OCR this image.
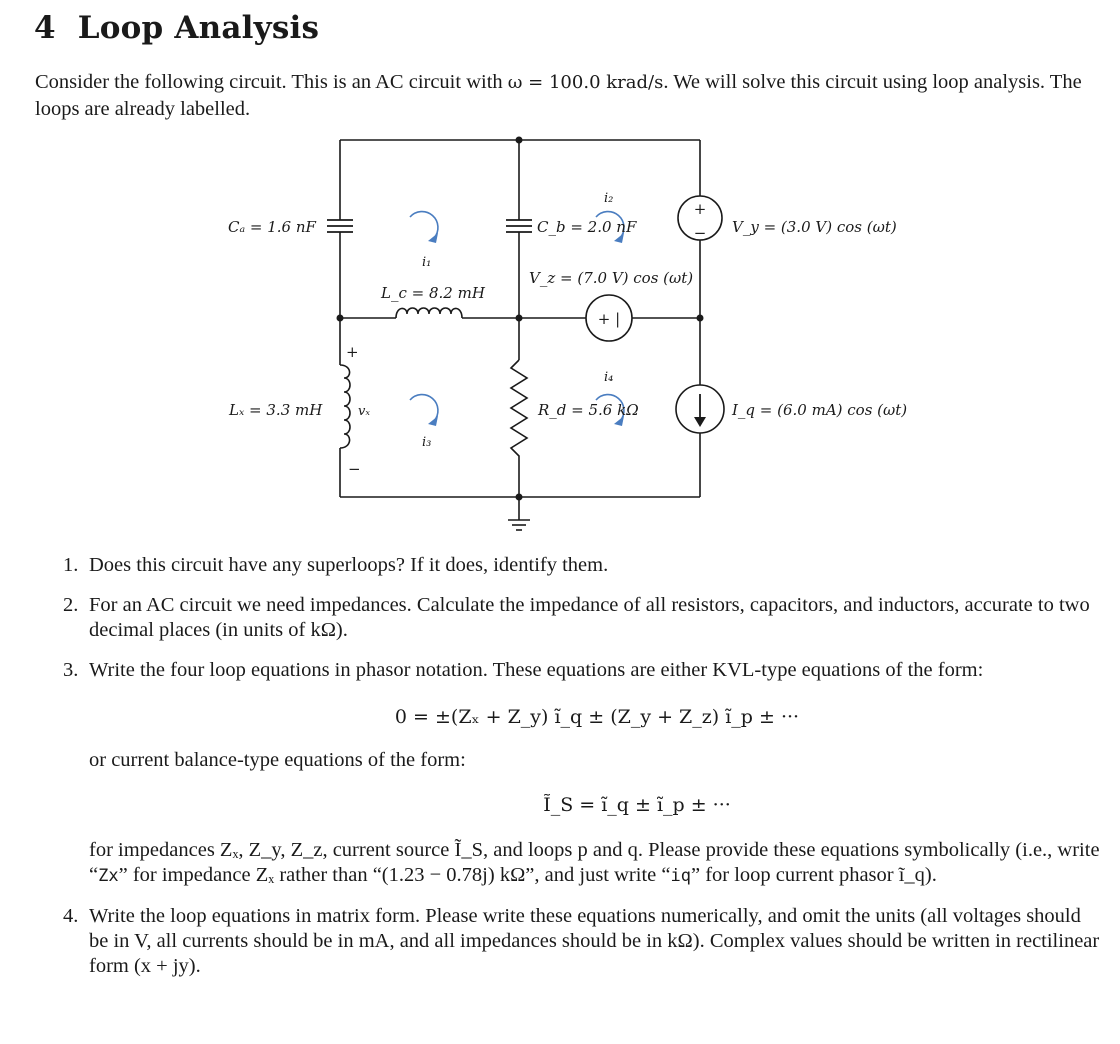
4 Loop Analysis
Consider the following circuit. This is an AC circuit with ω = 100.0 krad/s. We will solve this circuit using loop analysis. The loops are already labelled.
+
−
+ |
Cₐ = 1.6 nF	C_b = 2.0 nF
L_c = 8.2 mH
Lₓ = 3.3 mH	R_d = 5.6 kΩ
V_y = (3.0 V) cos (ωt)
V_z = (7.0 V) cos (ωt)
I_q = (6.0 mA) cos (ωt)
vₓ
+
−
i₁
i₂
i₃
i₄
1. Does this circuit have any superloops? If it does, identify them.
2. For an AC circuit we need impedances. Calculate the impedance of all resistors, capacitors, and inductors, accurate to two decimal places (in units of kΩ).
3. Write the four loop equations in phasor notation. These equations are either KVL-type equations of the form:
0 = ±(Zₓ + Z_y) ĩ_q ± (Z_y + Z_z) ĩ_p ± ···
or current balance-type equations of the form:
Ĩ_S = ĩ_q ± ĩ_p ± ···
for impedances Zₓ, Z_y, Z_z, current source Ĩ_S, and loops p and q. Please provide these equations symbolically (i.e., write “Zx” for impedance Zₓ rather than “(1.23 − 0.78j) kΩ”, and just write “iq” for loop current phasor ĩ_q).
4. Write the loop equations in matrix form. Please write these equations numerically, and omit the units (all voltages should be in V, all currents should be in mA, and all impedances should be in kΩ). Complex values should be written in rectilinear form (x + jy).
